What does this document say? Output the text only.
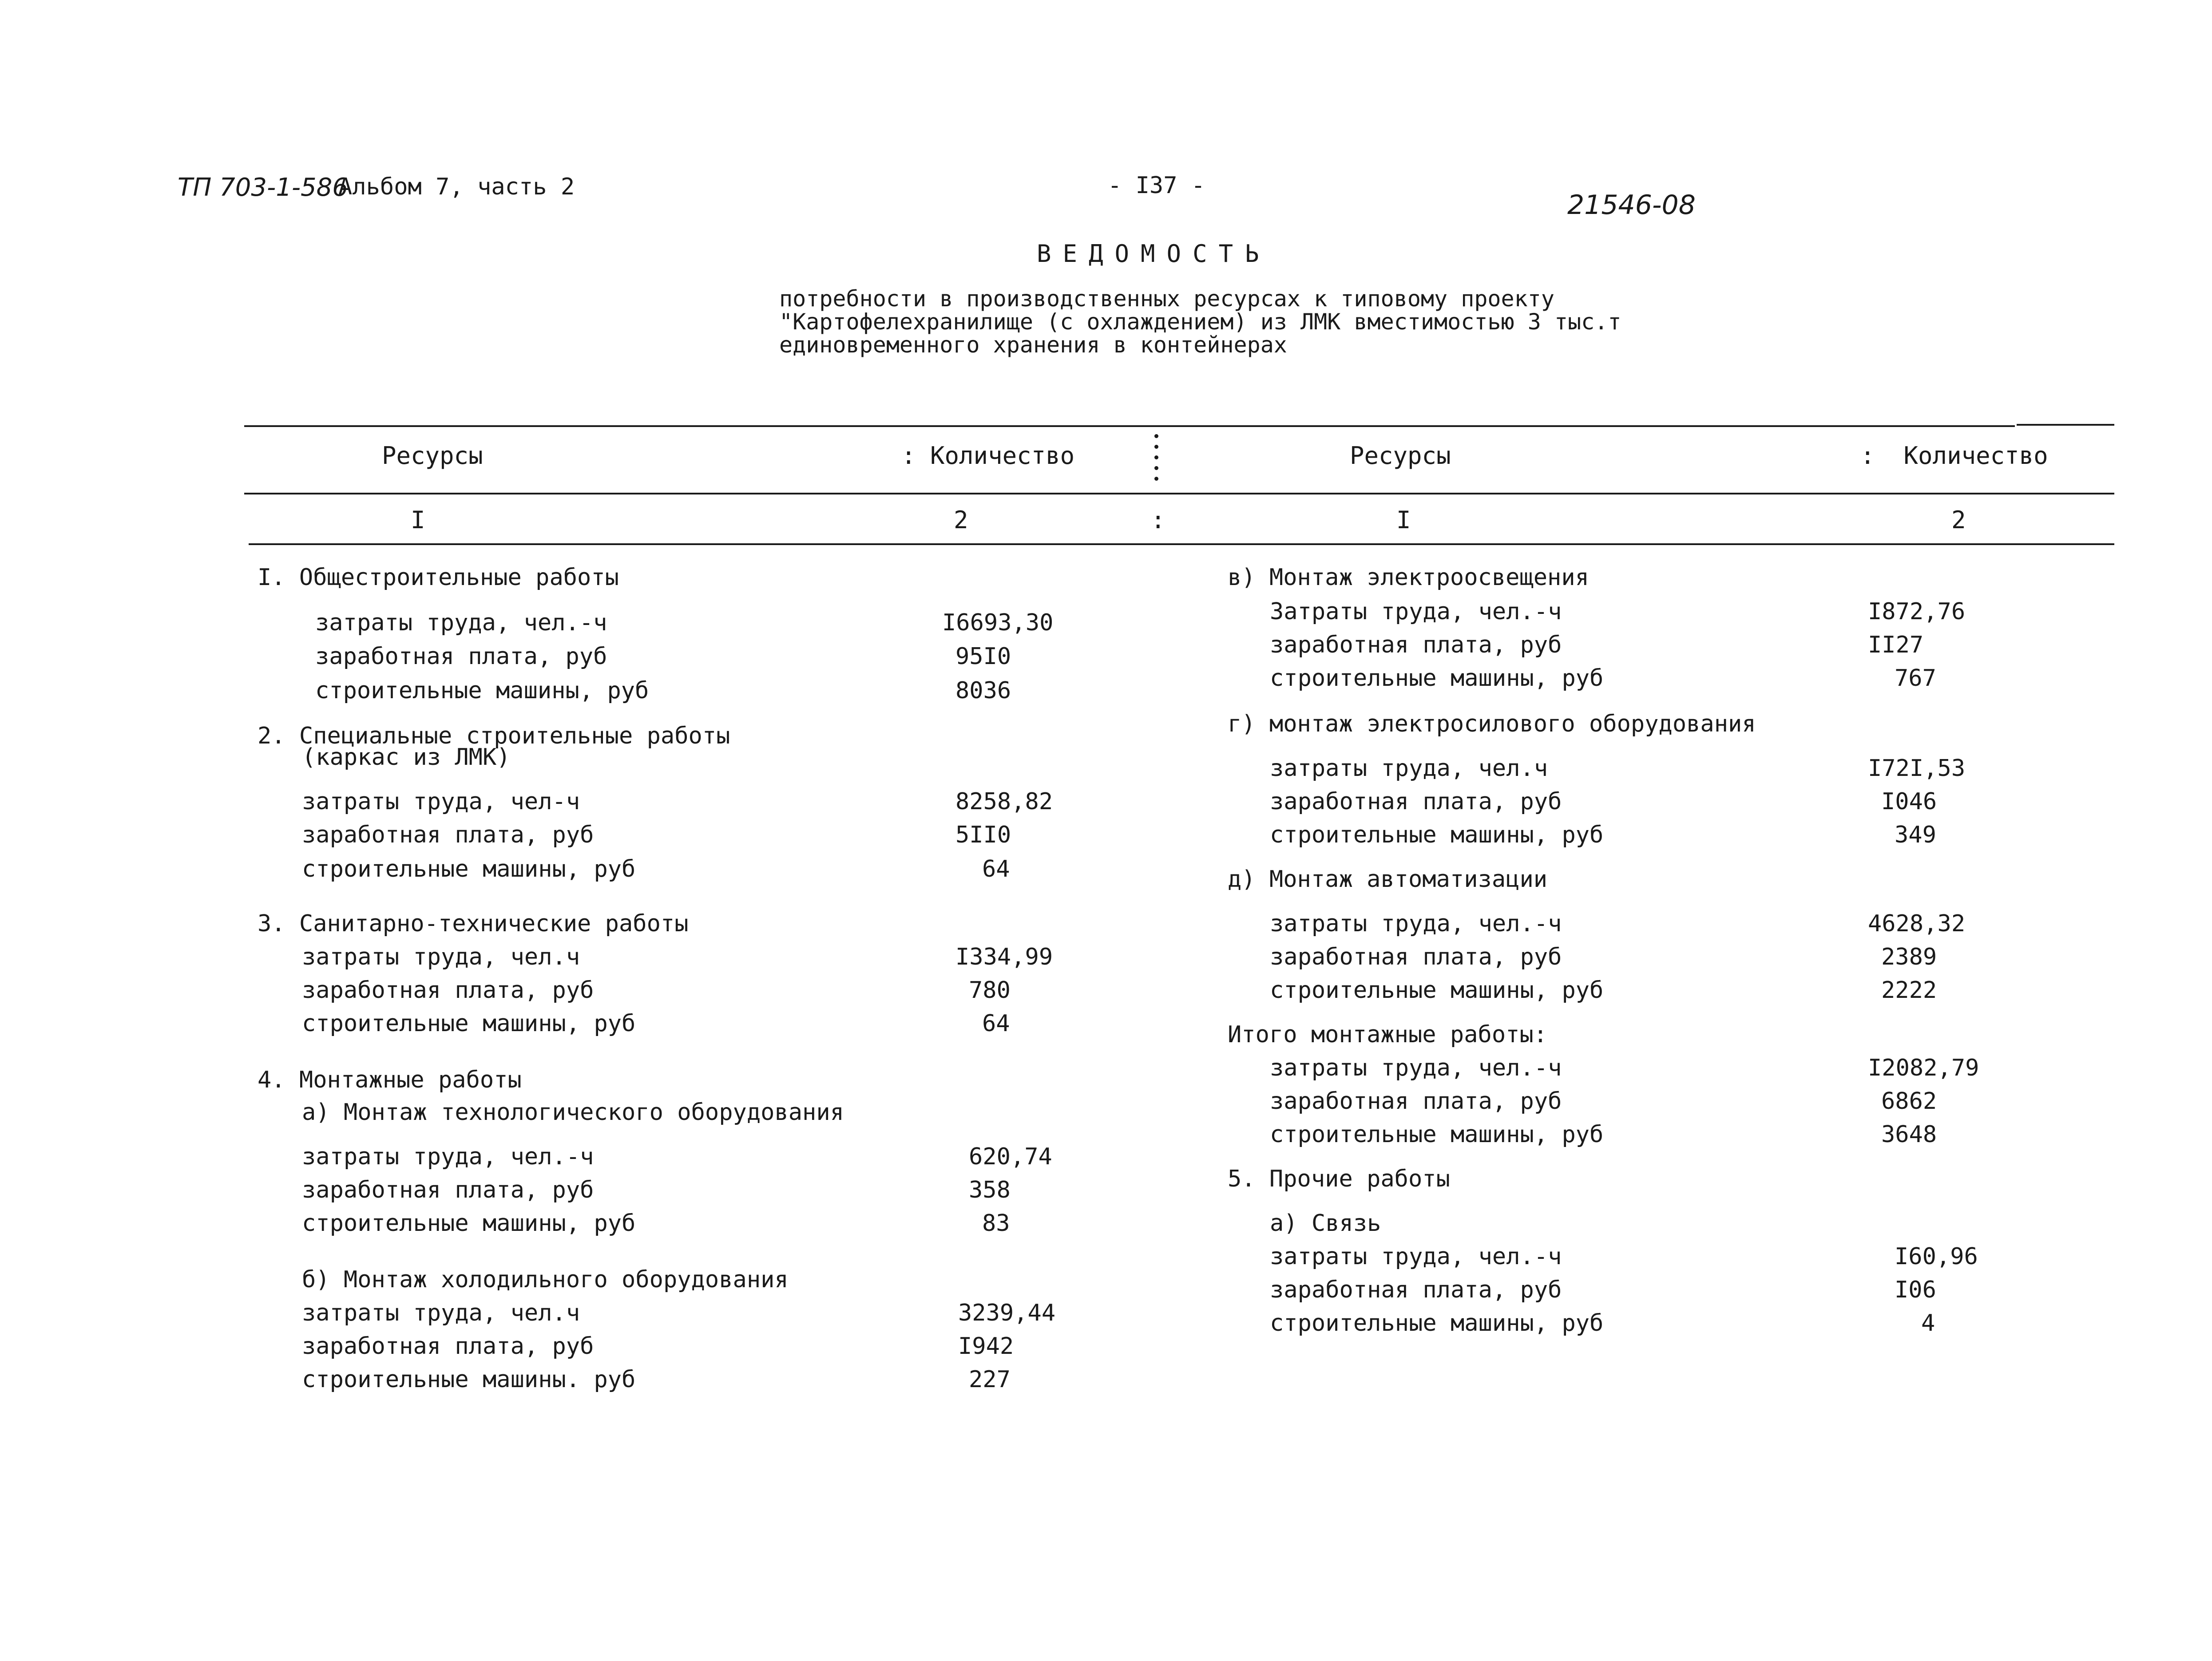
ТП 703-1-586
Альбом 7, часть 2	- I37 -
21546-08
ВЕДОМОСТЬ
потребности в производственных ресурсах к типовому проекту
"Картофелехранилище (с охлаждением) из ЛМК вместимостью 3 тыс.т
единовременного хранения в контейнерах
Ресурсы	: Количество	Ресурсы	:  Количество
I	2	:	I	2
I. Общестроительные работы
затраты труда, чел.-ч	I6693,30
заработная плата, руб	95I0
строительные машины, руб	8036
2. Специальные строительные работы
(каркас из ЛМК)
затраты труда, чел-ч	8258,82
заработная плата, руб	5II0
строительные машины, руб	64
3. Санитарно-технические работы
затраты труда, чел.ч	I334,99
заработная плата, руб	780
строительные машины, руб	64
4. Монтажные работы
а) Монтаж технологического оборудования
затраты труда, чел.-ч	620,74
заработная плата, руб	358
строительные машины, руб	83
б) Монтаж холодильного оборудования
затраты труда, чел.ч	3239,44
заработная плата, руб	I942
строительные машины. руб	227
в) Монтаж электроосвещения
Затраты труда, чел.-ч	I872,76
заработная плата, руб	II27
строительные машины, руб	767
г) монтаж электросилового оборудования
затраты труда, чел.ч	I72I,53
заработная плата, руб	I046
строительные машины, руб	349
д) Монтаж автоматизации
затраты труда, чел.-ч	4628,32
заработная плата, руб	2389
строительные машины, руб	2222
Итого монтажные работы:
затраты труда, чел.-ч	I2082,79
заработная плата, руб	6862
строительные машины, руб	3648
5. Прочие работы
а) Связь
затраты труда, чел.-ч	I60,96
заработная плата, руб	I06
строительные машины, руб	4
